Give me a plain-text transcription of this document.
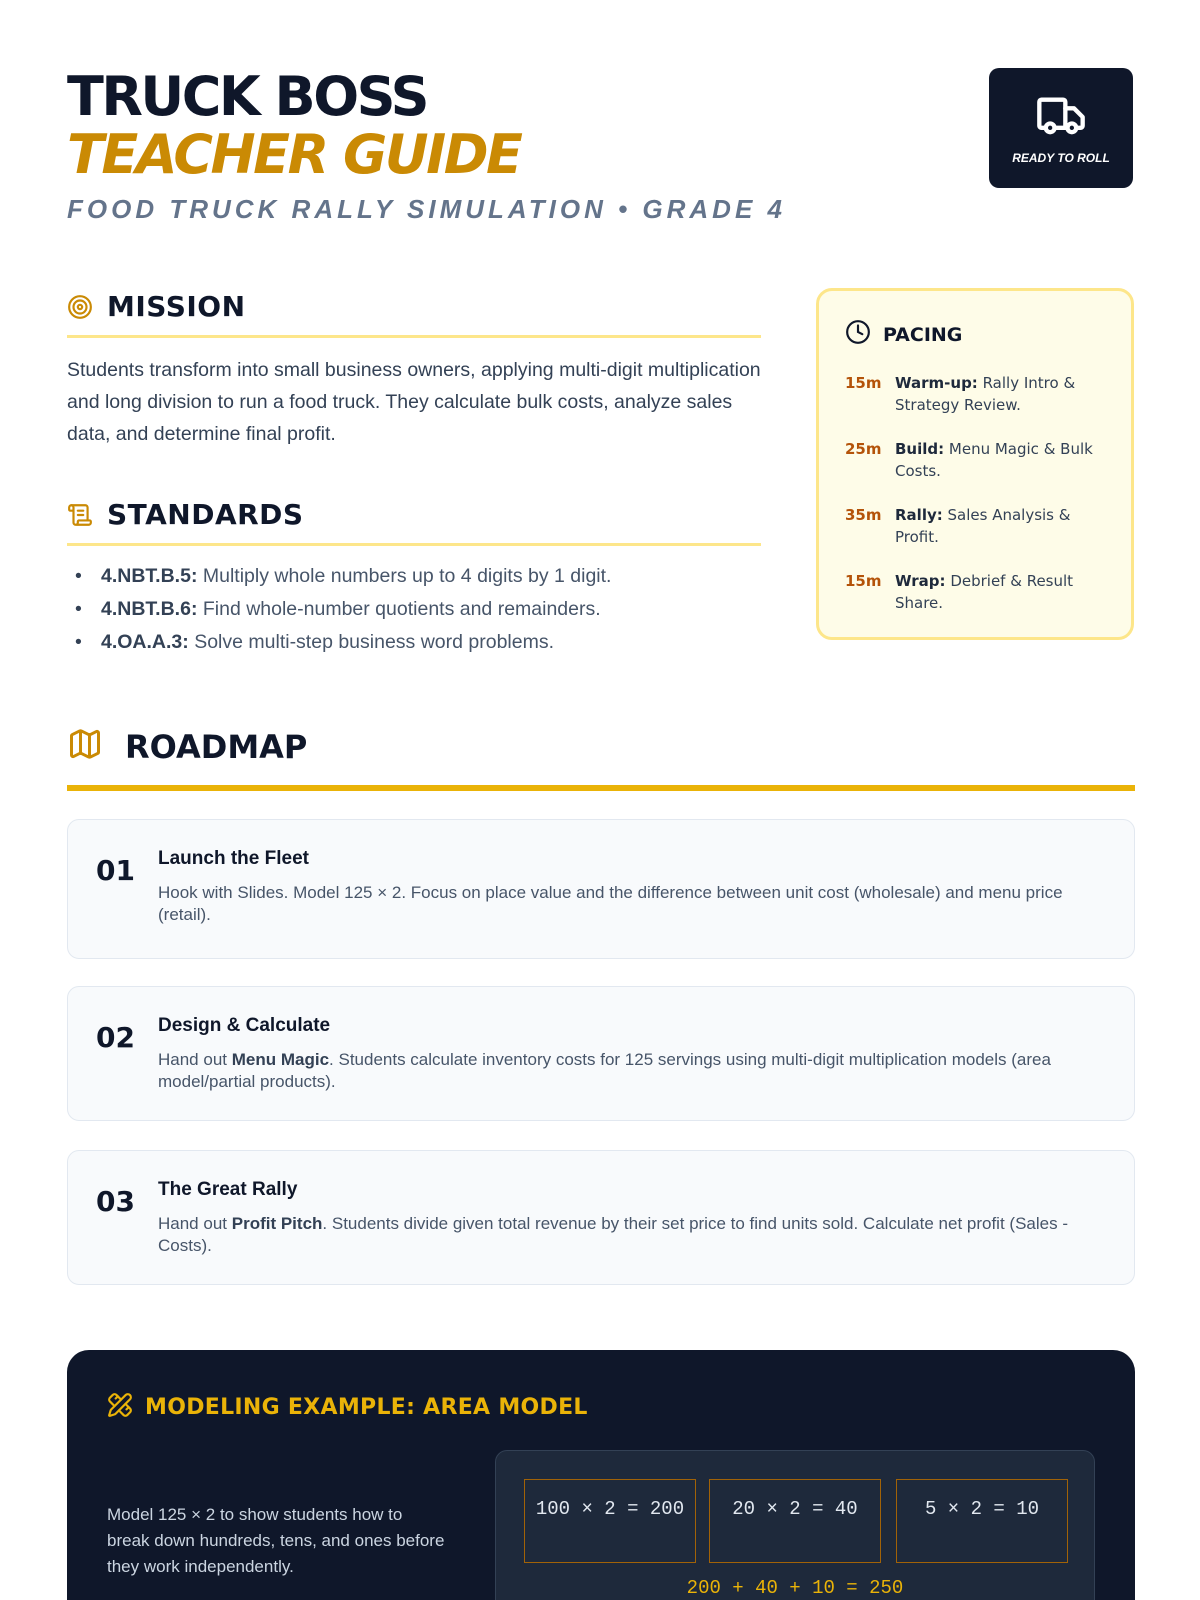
TRUCK BOSS
TEACHER GUIDE
FOOD TRUCK RALLY SIMULATION • GRADE 4
READY TO ROLL
MISSION

Students transform into small business owners, applying multi-digit multiplication and long division to run a food truck. They calculate bulk costs, analyze sales data, and determine final profit.

STANDARDS
• 4.NBT.B.5: Multiply whole numbers up to 4 digits by 1 digit.
• 4.NBT.B.6: Find whole-number quotients and remainders.
• 4.OA.A.3: Solve multi-step business word problems.
PACING
15m Warm-up: Rally Intro & Strategy Review.
25m Build: Menu Magic & Bulk Costs.
35m Rally: Sales Analysis & Profit.
15m Wrap: Debrief & Result Share.
ROADMAP
01	Launch the Fleet
Hook with Slides. Model 125 × 2. Focus on place value and the difference between unit cost (wholesale) and menu price (retail).
02	Design & Calculate
Hand out Menu Magic. Students calculate inventory costs for 125 servings using multi-digit multiplication models (area model/partial products).
03	The Great Rally
Hand out Profit Pitch. Students divide given total revenue by their set price to find units sold. Calculate net profit (Sales - Costs).
MODELING EXAMPLE: AREA MODEL

Model 125 × 2 to show students how to break down hundreds, tens, and ones before they work independently.

100 × 2 = 200	20 × 2 = 40	5 × 2 = 10
200 + 40 + 10 = 250
